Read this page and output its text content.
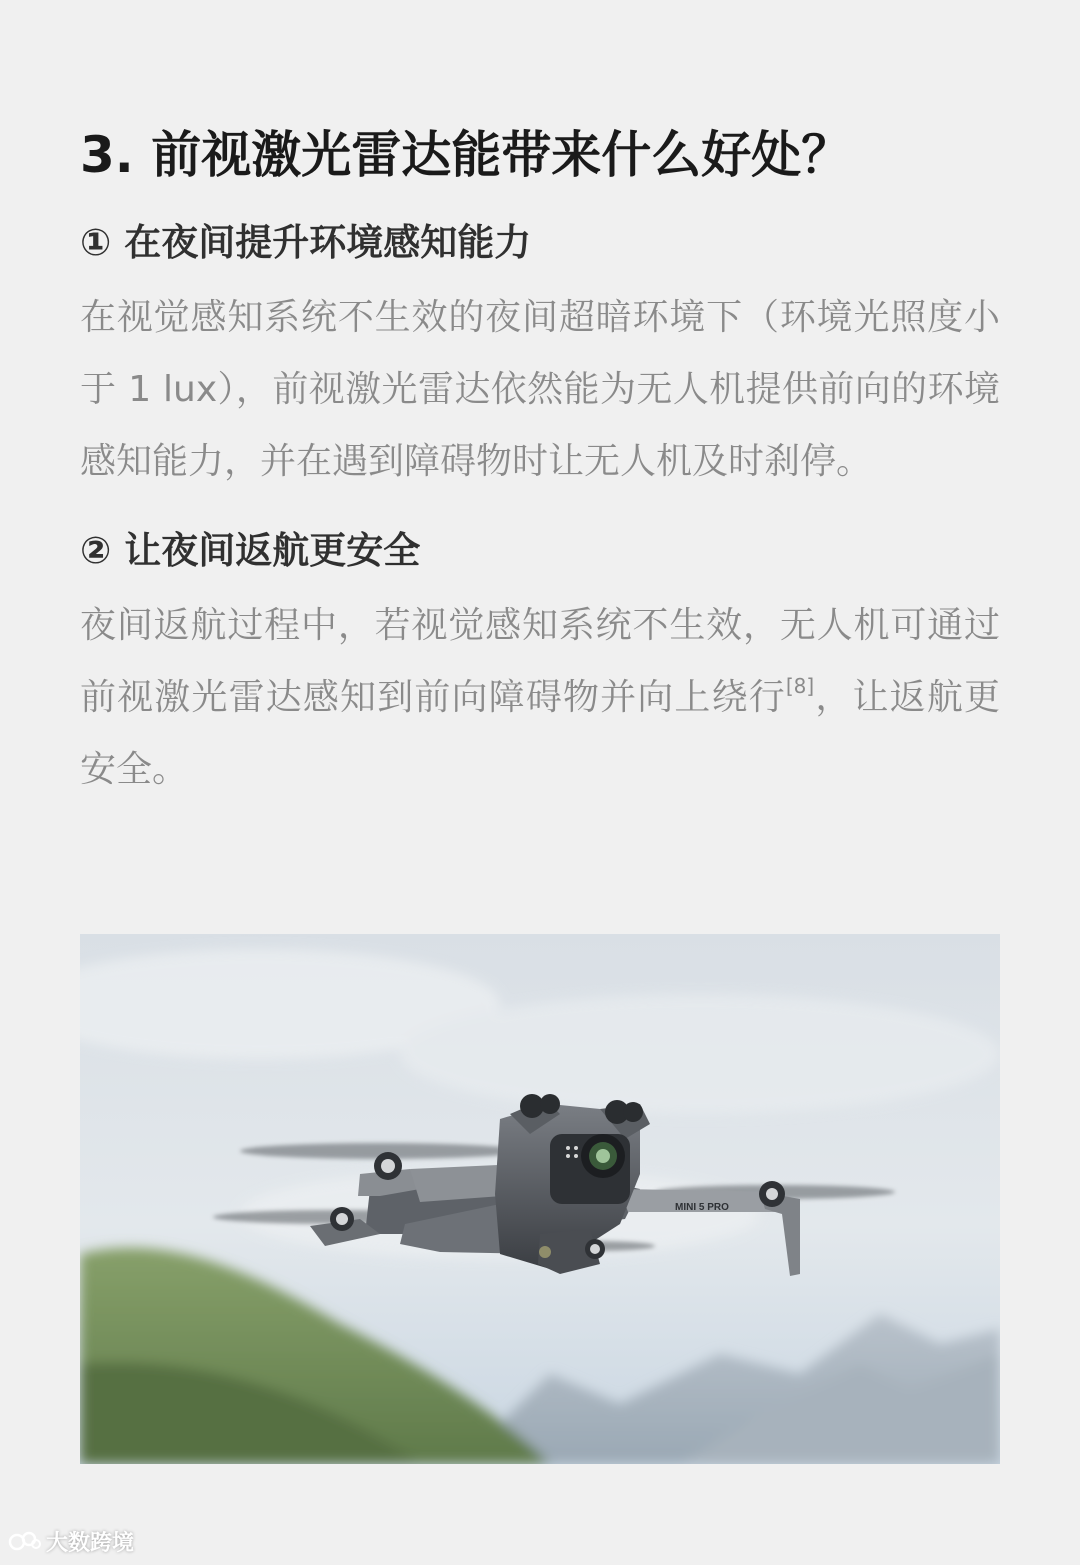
3. 前视激光雷达能带来什么好处？
① 在夜间提升环境感知能力

在视觉感知系统不生效的夜间超暗环境下（环境光照度小于 1 lux），前视激光雷达依然能为无人机提供前向的环境感知能力，并在遇到障碍物时让无人机及时刹停。

② 让夜间返航更安全

夜间返航过程中，若视觉感知系统不生效，无人机可通过前视激光雷达感知到前向障碍物并向上绕行[8]，让返航更安全。

MINI 5 PRO
大数跨境
